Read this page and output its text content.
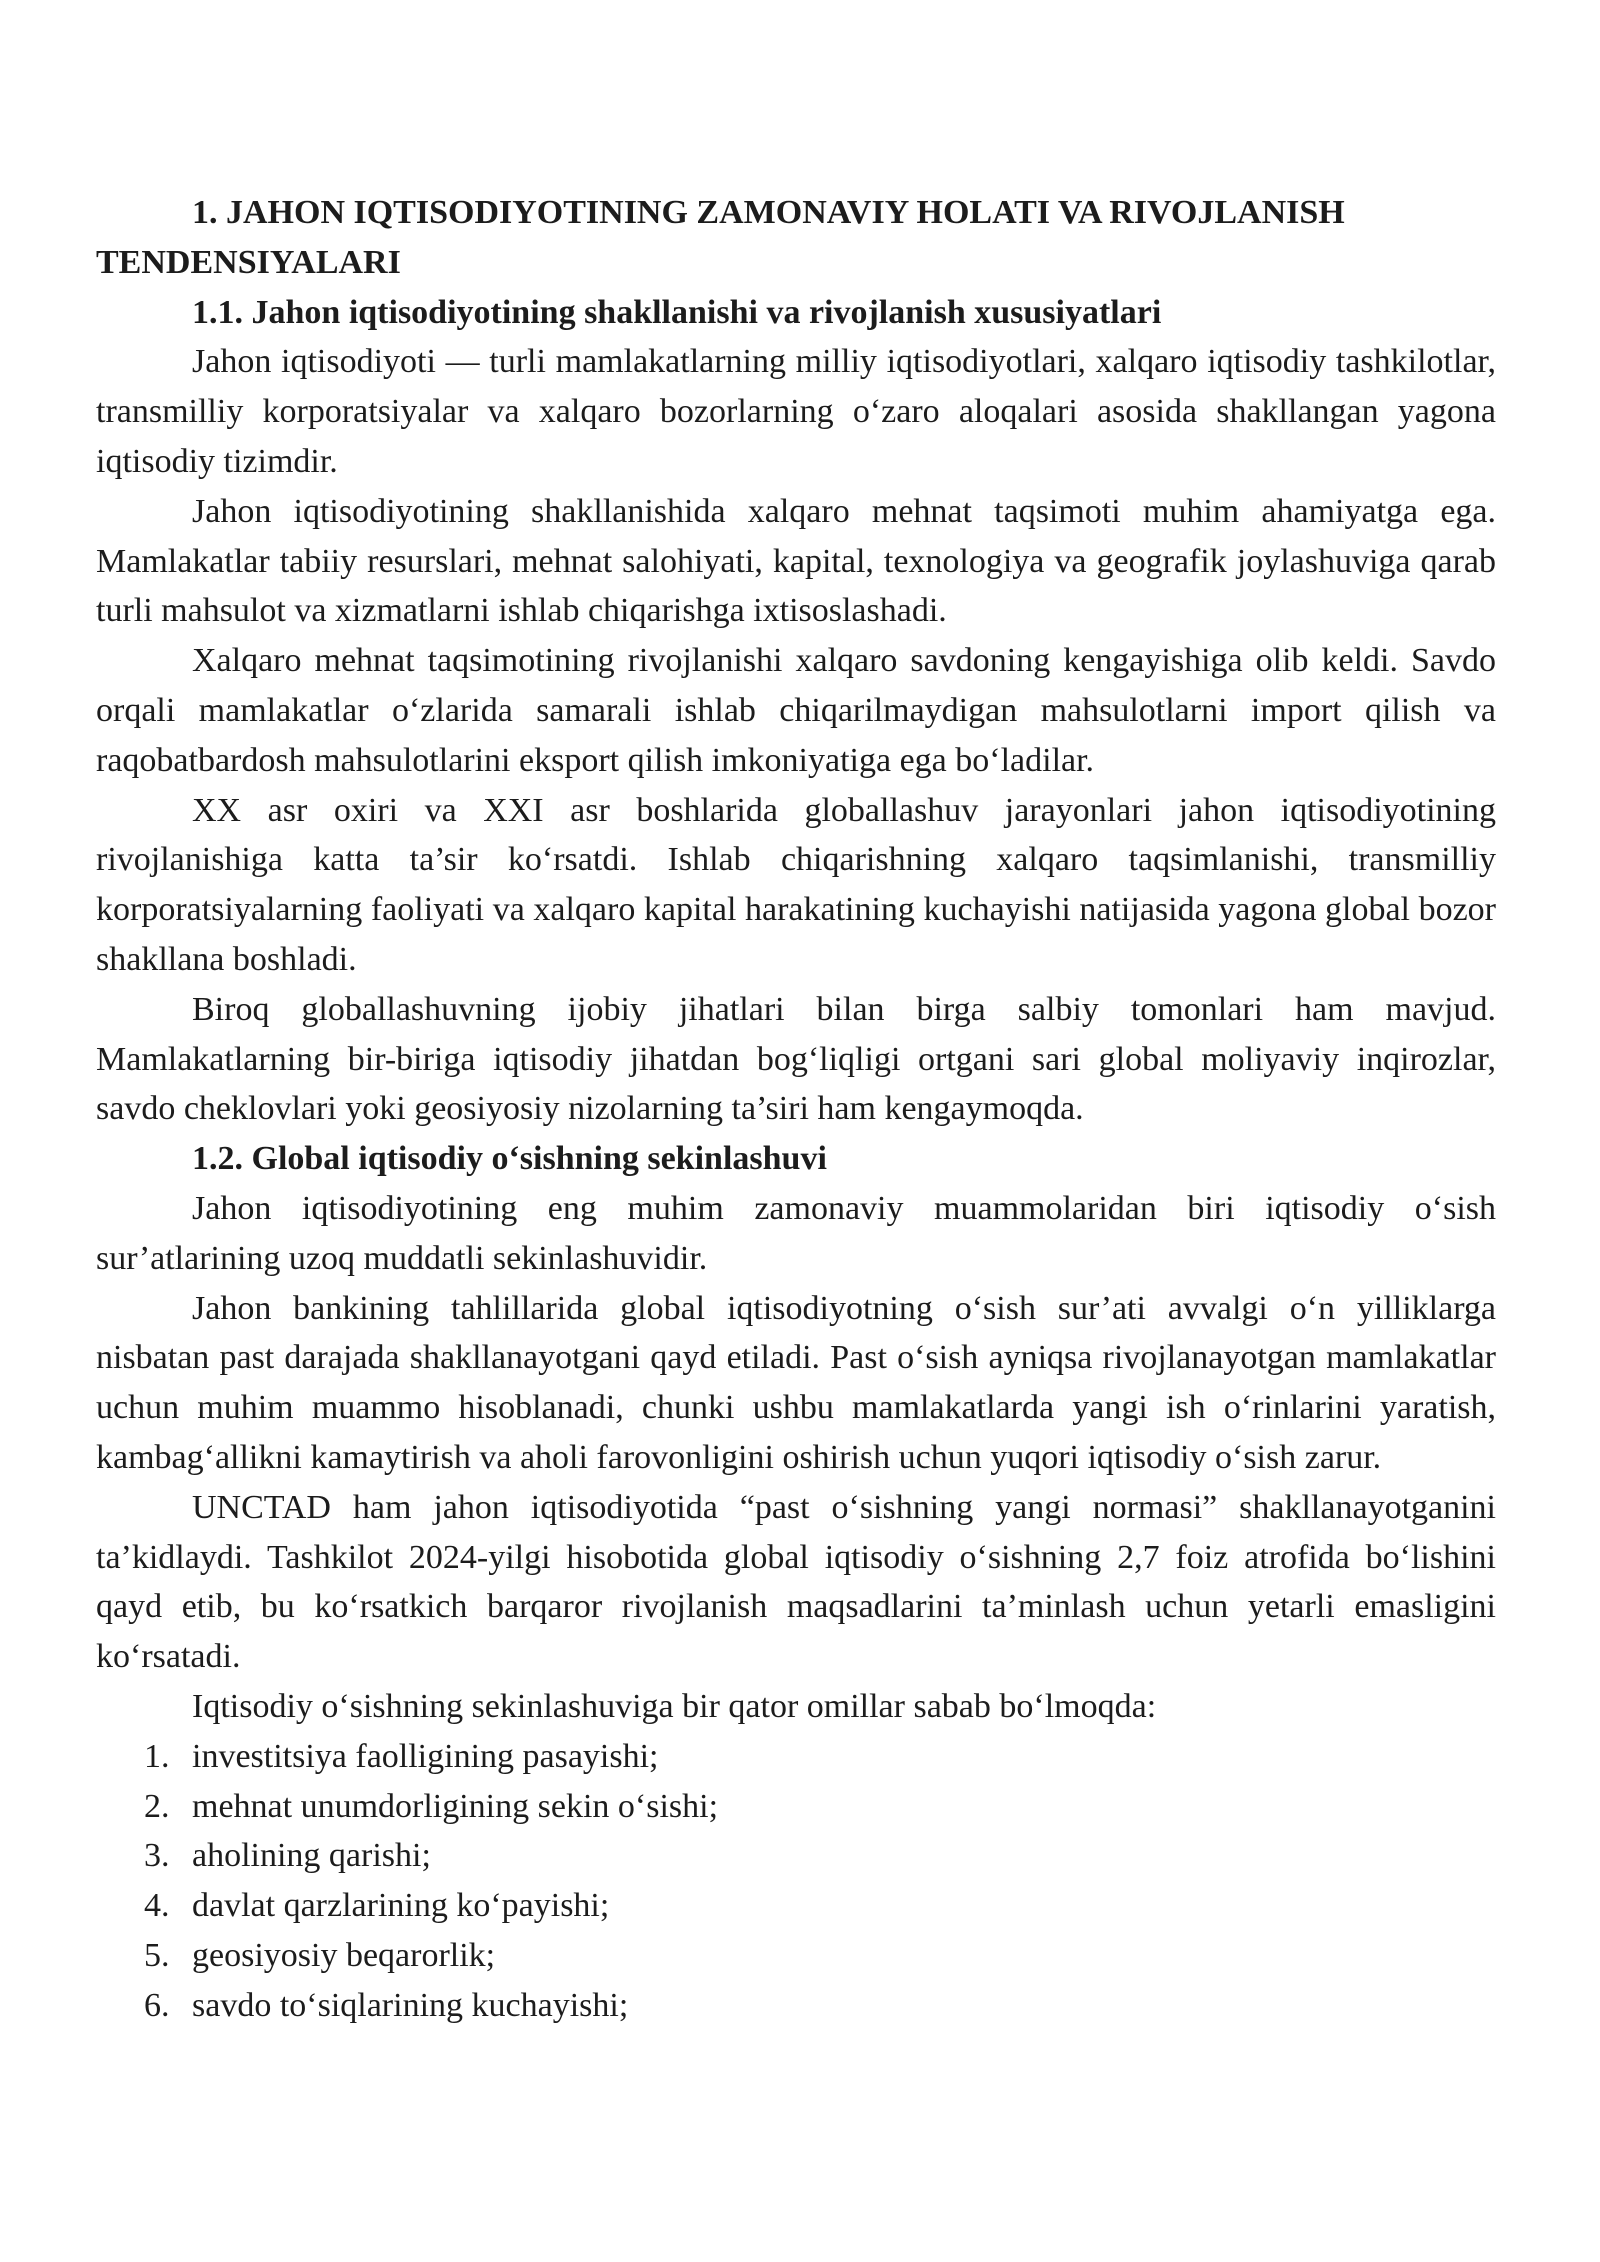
1. JAHON IQTISODIYOTINING ZAMONAVIY HOLATI VA RIVOJLANISH TENDENSIYALARI

1.1. Jahon iqtisodiyotining shakllanishi va rivojlanish xususiyatlari

Jahon iqtisodiyoti — turli mamlakatlarning milliy iqtisodiyotlari, xalqaro iqtisodiy tashkilotlar, transmilliy korporatsiyalar va xalqaro bozorlarning oʻzaro aloqalari asosida shakllangan yagona iqtisodiy tizimdir.

Jahon iqtisodiyotining shakllanishida xalqaro mehnat taqsimoti muhim ahamiyatga ega. Mamlakatlar tabiiy resurslari, mehnat salohiyati, kapital, texnologiya va geografik joylashuviga qarab turli mahsulot va xizmatlarni ishlab chiqarishga ixtisoslashadi.

Xalqaro mehnat taqsimotining rivojlanishi xalqaro savdoning kengayishiga olib keldi. Savdo orqali mamlakatlar oʻzlarida samarali ishlab chiqarilmaydigan mahsulotlarni import qilish va raqobatbardosh mahsulotlarini eksport qilish imkoniyatiga ega boʻladilar.

XX asr oxiri va XXI asr boshlarida globallashuv jarayonlari jahon iqtisodiyotining rivojlanishiga katta ta’sir koʻrsatdi. Ishlab chiqarishning xalqaro taqsimlanishi, transmilliy korporatsiyalarning faoliyati va xalqaro kapital harakatining kuchayishi natijasida yagona global bozor shakllana boshladi.

Biroq globallashuvning ijobiy jihatlari bilan birga salbiy tomonlari ham mavjud. Mamlakatlarning bir-biriga iqtisodiy jihatdan bogʻliqligi ortgani sari global moliyaviy inqirozlar, savdo cheklovlari yoki geosiyosiy nizolarning ta’siri ham kengaymoqda.

1.2. Global iqtisodiy oʻsishning sekinlashuvi

Jahon iqtisodiyotining eng muhim zamonaviy muammolaridan biri iqtisodiy oʻsish sur’atlarining uzoq muddatli sekinlashuvidir.

Jahon bankining tahlillarida global iqtisodiyotning oʻsish sur’ati avvalgi oʻn yilliklarga nisbatan past darajada shakllanayotgani qayd etiladi. Past oʻsish ayniqsa rivojlanayotgan mamlakatlar uchun muhim muammo hisoblanadi, chunki ushbu mamlakatlarda yangi ish oʻrinlarini yaratish, kambagʻallikni kamaytirish va aholi farovonligini oshirish uchun yuqori iqtisodiy oʻsish zarur.

UNCTAD ham jahon iqtisodiyotida “past oʻsishning yangi normasi” shakllanayotganini ta’kidlaydi. Tashkilot 2024-yilgi hisobotida global iqtisodiy oʻsishning 2,7 foiz atrofida boʻlishini qayd etib, bu koʻrsatkich barqaror rivojlanish maqsadlarini ta’minlash uchun yetarli emasligini koʻrsatadi.

Iqtisodiy oʻsishning sekinlashuviga bir qator omillar sabab boʻlmoqda:

1. investitsiya faolligining pasayishi;
2. mehnat unumdorligining sekin oʻsishi;
3. aholining qarishi;
4. davlat qarzlarining koʻpayishi;
5. geosiyosiy beqarorlik;
6. savdo toʻsiqlarining kuchayishi;
